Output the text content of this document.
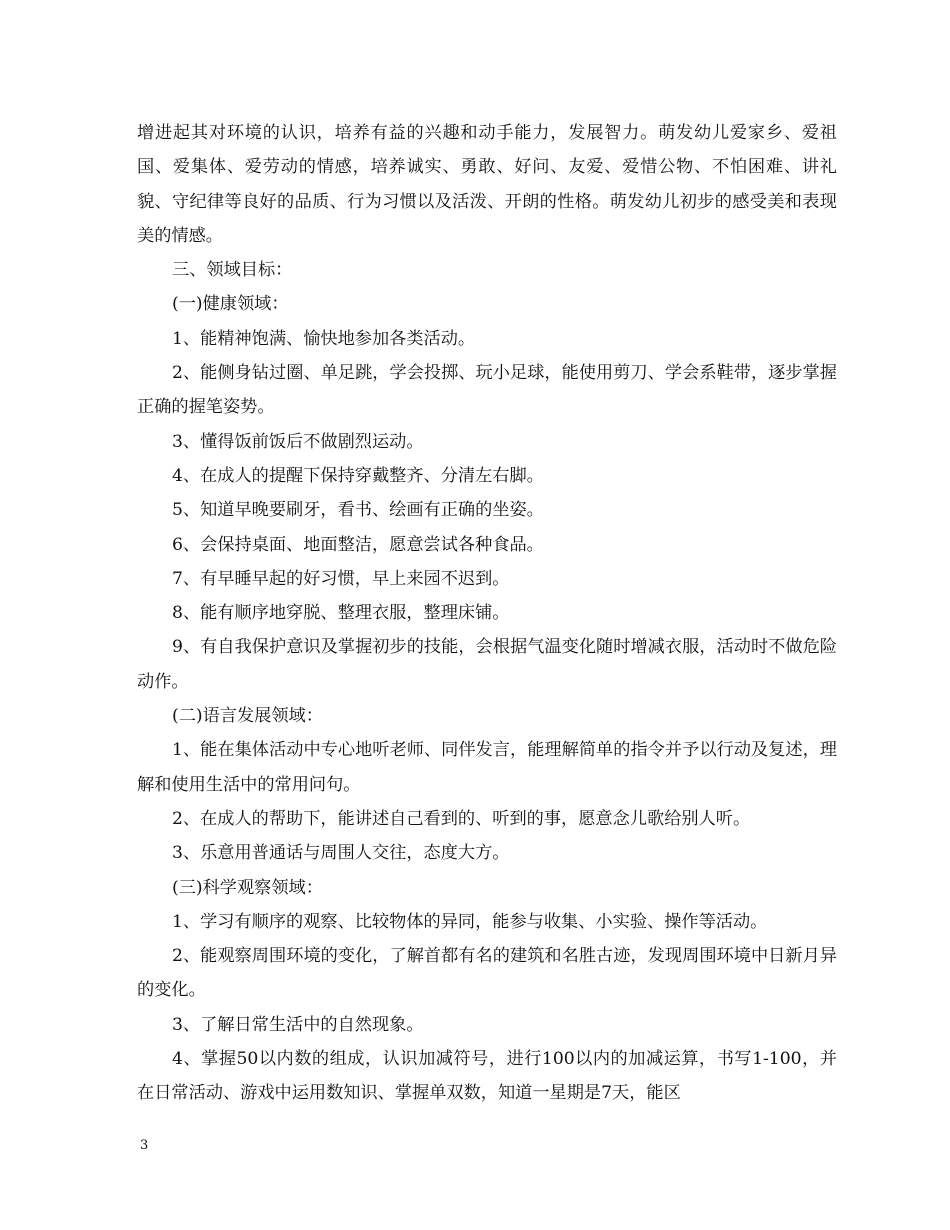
增进起其对环境的认识，培养有益的兴趣和动手能力，发展智力。萌发幼儿爱家乡、爱祖国、爱集体、爱劳动的情感，培养诚实、勇敢、好问、友爱、爱惜公物、不怕困难、讲礼貌、守纪律等良好的品质、行为习惯以及活泼、开朗的性格。萌发幼儿初步的感受美和表现美的情感。

三、领域目标：

(一)健康领域：

1、能精神饱满、愉快地参加各类活动。

2、能侧身钻过圈、单足跳，学会投掷、玩小足球，能使用剪刀、学会系鞋带，逐步掌握正确的握笔姿势。

3、懂得饭前饭后不做剧烈运动。

4、在成人的提醒下保持穿戴整齐、分清左右脚。

5、知道早晚要刷牙，看书、绘画有正确的坐姿。

6、会保持桌面、地面整洁，愿意尝试各种食品。

7、有早睡早起的好习惯，早上来园不迟到。

8、能有顺序地穿脱、整理衣服，整理床铺。

9、有自我保护意识及掌握初步的技能，会根据气温变化随时增减衣服，活动时不做危险动作。

(二)语言发展领域：

1、能在集体活动中专心地听老师、同伴发言，能理解简单的指令并予以行动及复述，理解和使用生活中的常用问句。

2、在成人的帮助下，能讲述自己看到的、听到的事，愿意念儿歌给别人听。

3、乐意用普通话与周围人交往，态度大方。

(三)科学观察领域：

1、学习有顺序的观察、比较物体的异同，能参与收集、小实验、操作等活动。

2、能观察周围环境的变化，了解首都有名的建筑和名胜古迹，发现周围环境中日新月异的变化。

3、了解日常生活中的自然现象。

4、掌握50以内数的组成，认识加减符号，进行100以内的加减运算，书写1-100，并在日常活动、游戏中运用数知识、掌握单双数，知道一星期是7天，能区

3
